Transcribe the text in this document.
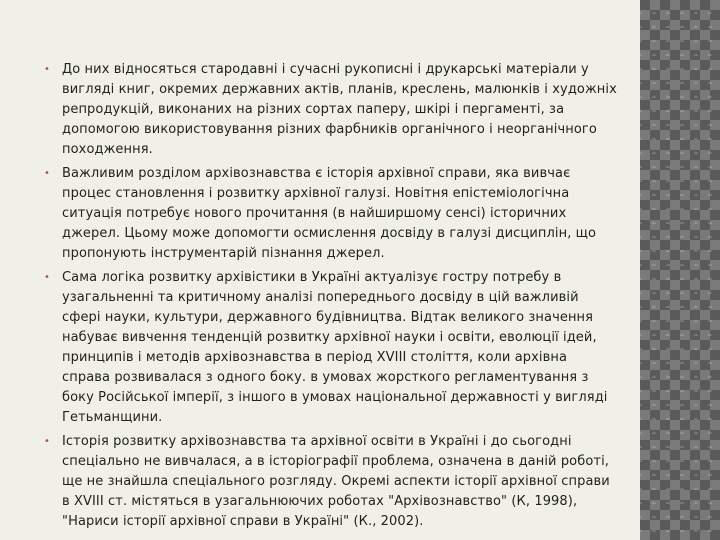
• До них відносяться стародавні і сучасні рукописні і друкарські матеріали у вигляді книг, окремих державних актів, планів, креслень, малюнків і художніх репродукцій, виконаних на різних сортах паперу, шкірі і пергаменті, за допомогою використовування різних фарбників органічного і неорганічного походження.
• Важливим розділом архівознавства є історія архівної справи, яка вивчає процес становлення і розвитку архівної галузі. Новітня епістеміологічна ситуація потребує нового прочитання (в найширшому сенсі) історичних джерел. Цьому може допомогти осмислення досвіду в галузі дисциплін, що пропонують інструментарій пізнання джерел.
• Сама логіка розвитку архівістики в Україні актуалізує гостру потребу в узагальненні та критичному аналізі попереднього досвіду в цій важливій сфері науки, культури, державного будівництва. Відтак великого значення набуває вивчення тенденцій розвитку архівної науки і освіти, еволюції ідей, принципів і методів архівознавства в період XVIII століття, коли архівна справа розвивалася з одного боку. в умовах жорсткого регламентування з боку Російської імперії, з іншого в умовах національної державності у вигляді Гетьманщини.
• Історія розвитку архівознавства та архівної освіти в Україні і до сьогодні спеціально не вивчалася, а в історіографії проблема, означена в даній роботі, ще не знайшла спеціального розгляду. Окремі аспекти історії архівної справи в XVIII ст. містяться в узагальнюючих роботах "Архівознавство" (К, 1998), "Нариси історії архівної справи в Україні" (К., 2002).
